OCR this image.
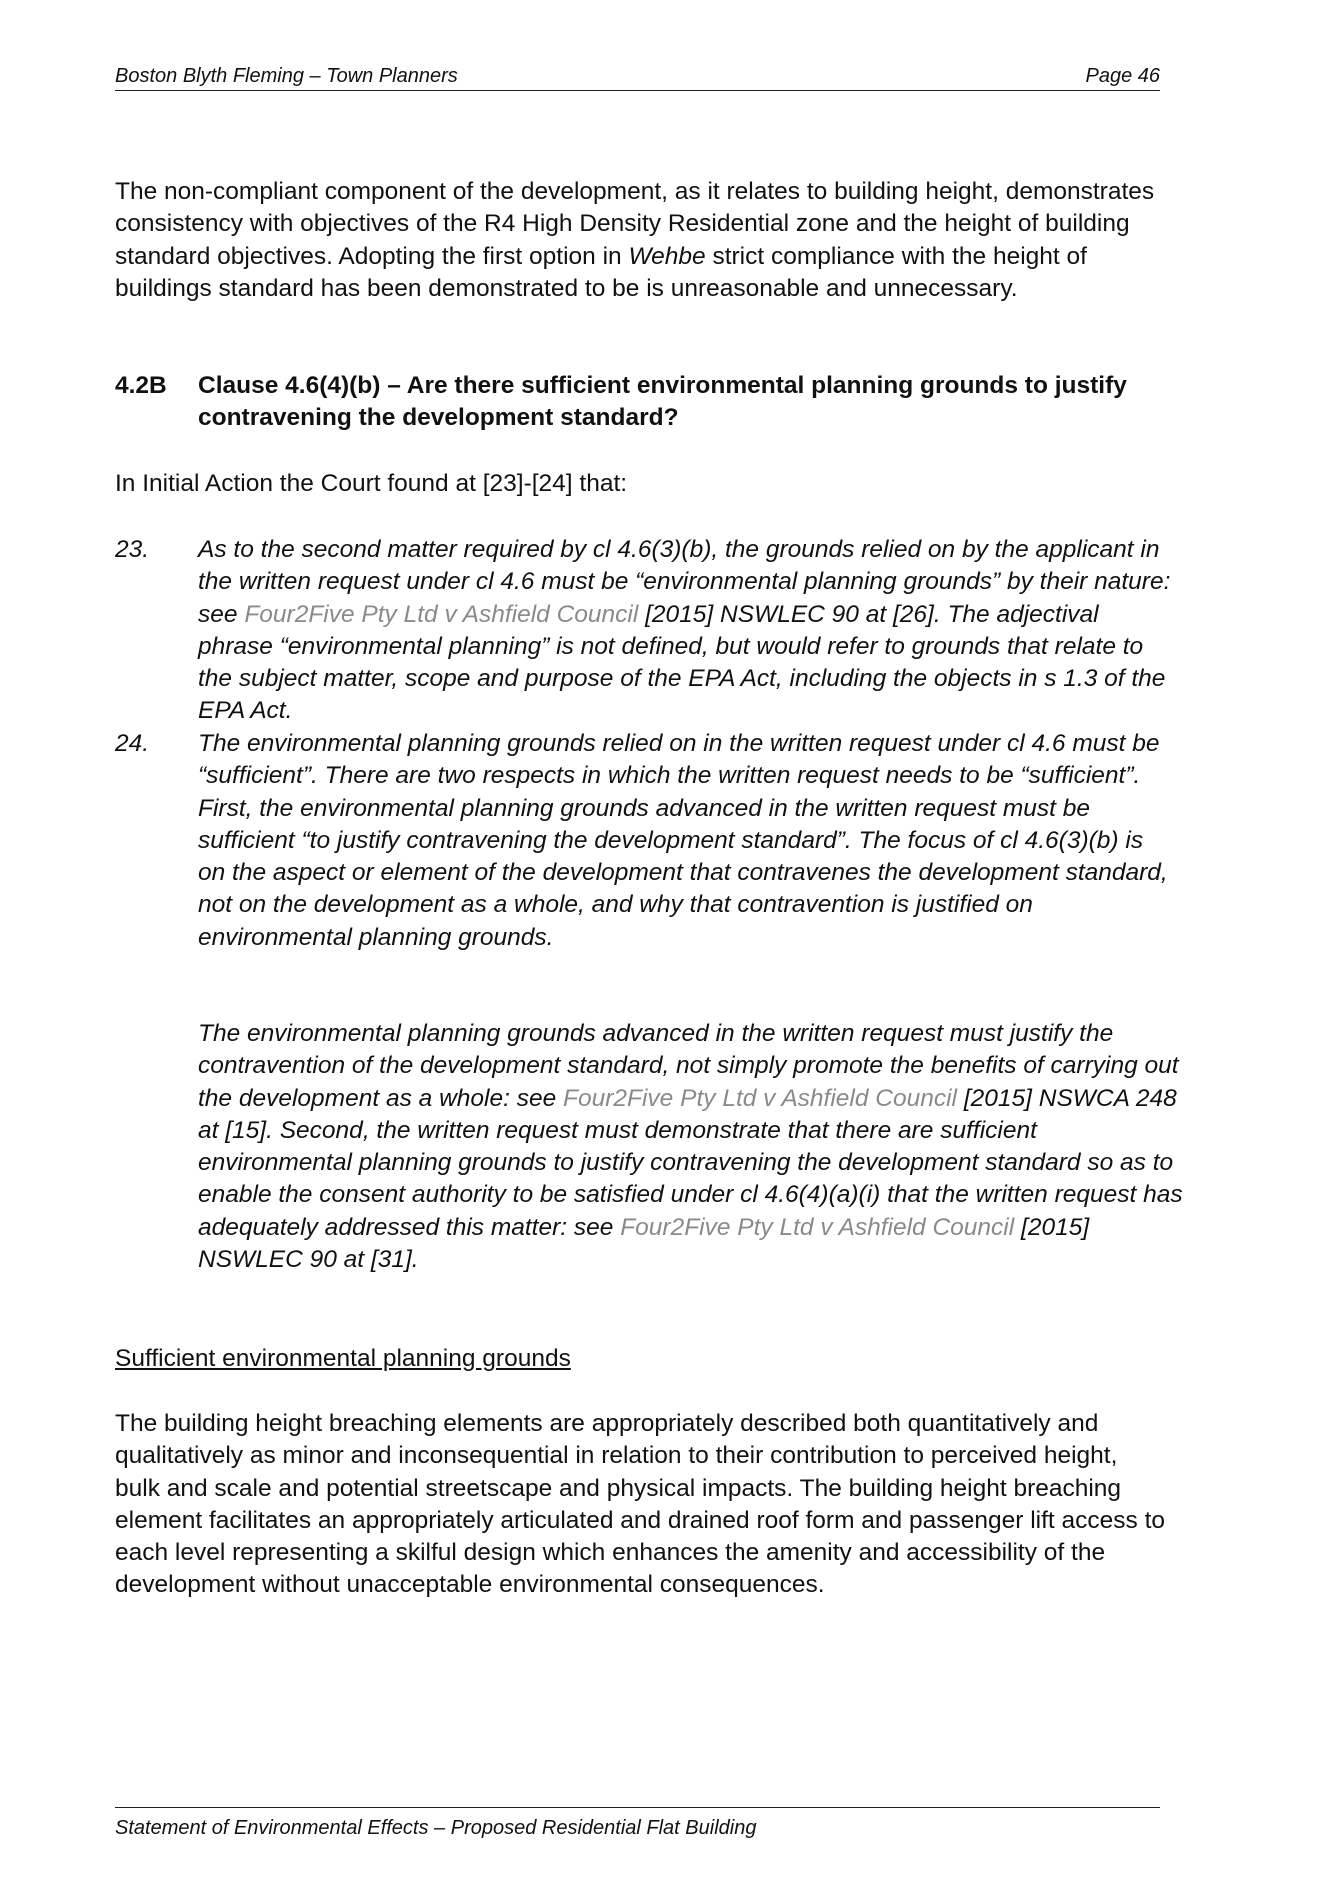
Boston Blyth Fleming – Town Planners	Page 46

The non-compliant component of the development, as it relates to building height, demonstrates consistency with objectives of the R4 High Density Residential zone and the height of building standard objectives. Adopting the first option in Wehbe strict compliance with the height of buildings standard has been demonstrated to be is unreasonable and unnecessary.

4.2B Clause 4.6(4)(b) – Are there sufficient environmental planning grounds to justify contravening the development standard?

In Initial Action the Court found at [23]-[24] that:

23. As to the second matter required by cl 4.6(3)(b), the grounds relied on by the applicant in the written request under cl 4.6 must be “environmental planning grounds” by their nature: see Four2Five Pty Ltd v Ashfield Council [2015] NSWLEC 90 at [26]. The adjectival phrase “environmental planning” is not defined, but would refer to grounds that relate to the subject matter, scope and purpose of the EPA Act, including the objects in s 1.3 of the EPA Act.
24. The environmental planning grounds relied on in the written request under cl 4.6 must be “sufficient”. There are two respects in which the written request needs to be “sufficient”. First, the environmental planning grounds advanced in the written request must be sufficient “to justify contravening the development standard”. The focus of cl 4.6(3)(b) is on the aspect or element of the development that contravenes the development standard, not on the development as a whole, and why that contravention is justified on environmental planning grounds.
The environmental planning grounds advanced in the written request must justify the contravention of the development standard, not simply promote the benefits of carrying out the development as a whole: see Four2Five Pty Ltd v Ashfield Council [2015] NSWCA 248 at [15]. Second, the written request must demonstrate that there are sufficient environmental planning grounds to justify contravening the development standard so as to enable the consent authority to be satisfied under cl 4.6(4)(a)(i) that the written request has adequately addressed this matter: see Four2Five Pty Ltd v Ashfield Council [2015] NSWLEC 90 at [31].
Sufficient environmental planning grounds

The building height breaching elements are appropriately described both quantitatively and qualitatively as minor and inconsequential in relation to their contribution to perceived height, bulk and scale and potential streetscape and physical impacts. The building height breaching element facilitates an appropriately articulated and drained roof form and passenger lift access to each level representing a skilful design which enhances the amenity and accessibility of the development without unacceptable environmental consequences.

Statement of Environmental Effects – Proposed Residential Flat Building
